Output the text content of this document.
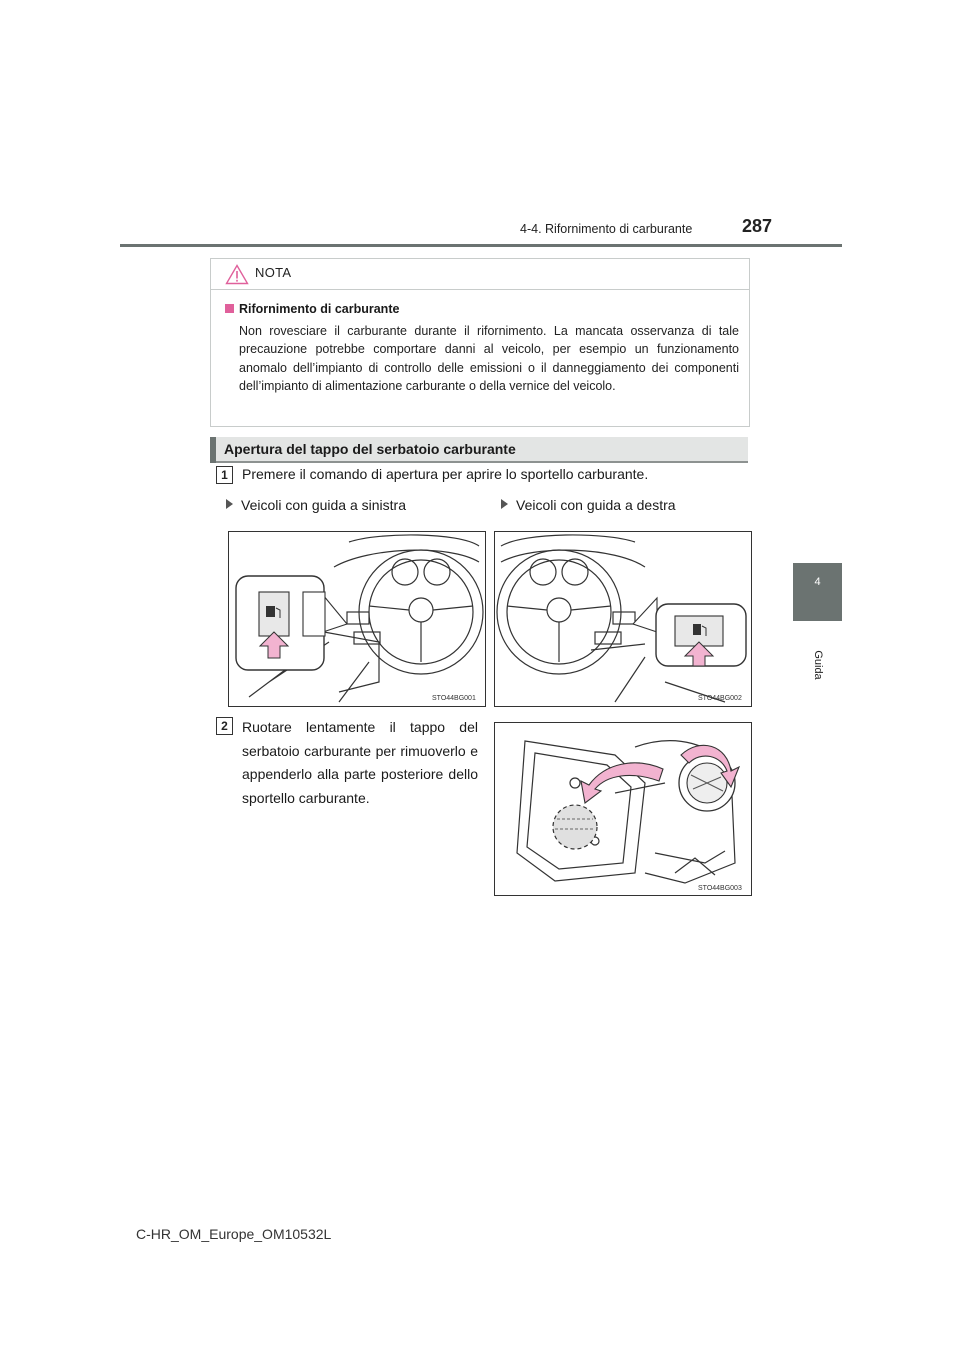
4-4. Rifornimento di carburante	287
4
Guida
NOTA
Rifornimento di carburante
Non rovesciare il carburante durante il rifornimento. La mancata osservanza di tale precauzione potrebbe comportare danni al veicolo, per esempio un funzionamento anomalo dell’impianto di controllo delle emissioni o il danneggiamento dei componenti dell’impianto di alimentazione carburante o della vernice del veicolo.
Apertura del tappo del serbatoio carburante
1	Premere il comando di apertura per aprire lo sportello carburante.
Veicoli con guida a sinistra	Veicoli con guida a destra
STO44BG001	STO44BG002
2	Ruotare lentamente il tappo del serbatoio carburante per rimuoverlo e appenderlo alla parte posteriore dello sportello carburante.
STO44BG003
C-HR_OM_Europe_OM10532L
